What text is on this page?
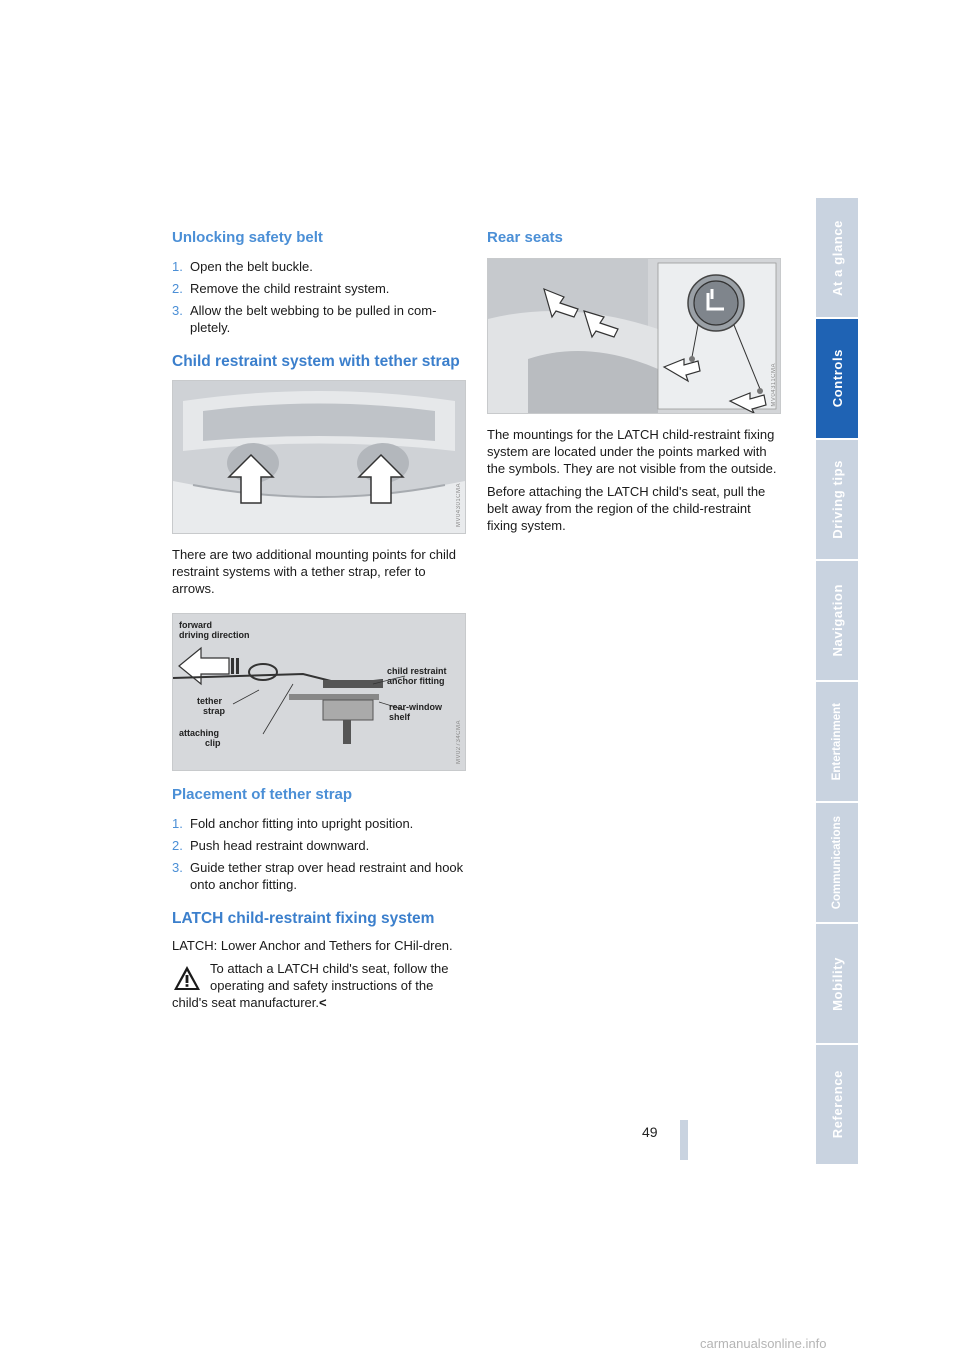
Unlocking safety belt
1. Open the belt buckle.
2. Remove the child restraint system.
3. Allow the belt webbing to be pulled in com-pletely.
Child restraint system with tether strap
MV04301CMA

There are two additional mounting points for child restraint systems with a tether strap, refer to arrows.

forward
driving direction
tether
strap
attaching
clip
child restraint
anchor fitting
rear-window
shelf
MV02734CMA
Placement of tether strap
1. Fold anchor fitting into upright position.
2. Push head restraint downward.
3. Guide tether strap over head restraint and hook onto anchor fitting.
LATCH child-restraint fixing system

LATCH: Lower Anchor and Tethers for CHil-dren.

To attach a LATCH child's seat, follow the operating and safety instructions of the child's seat manufacturer.<

Rear seats
MV04311CMA

The mountings for the LATCH child-restraint fixing system are located under the points marked with the symbols. They are not visible from the outside.

Before attaching the LATCH child's seat, pull the belt away from the region of the child-restraint fixing system.

At a glance
Controls
Driving tips
Navigation
Entertainment
Communications
Mobility
Reference
49
carmanualsonline.info
